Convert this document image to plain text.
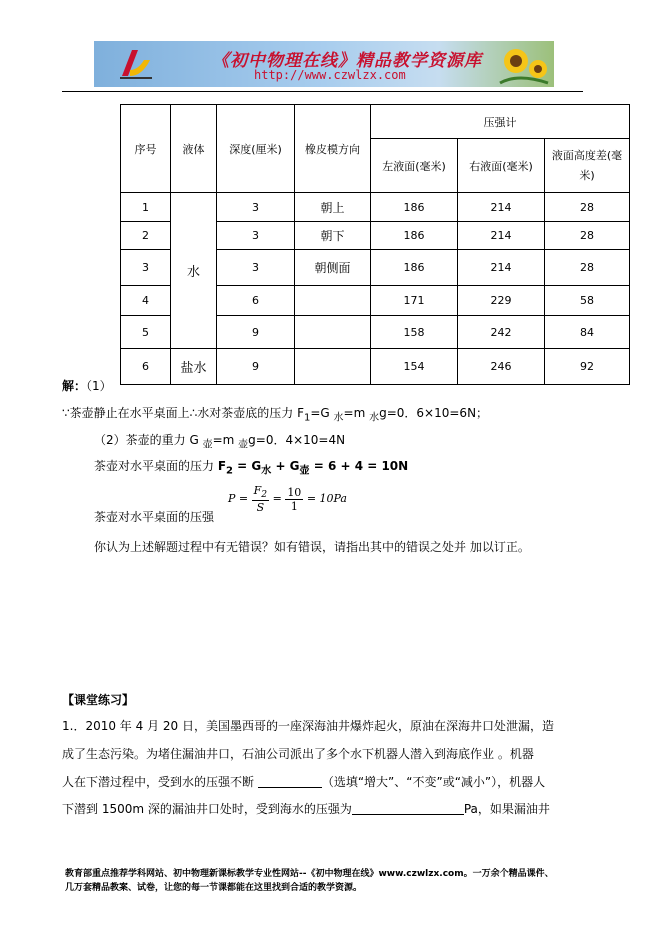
《初中物理在线》精品教学资源库
http://www.czwlzx.com
序号	液体	深度(厘米)	橡皮模方向	压强计		
				左液面(毫米)	右液面(毫米)	液面高度差(毫米)
1	水	3	朝上	186	214	28
2		3	朝下	186	214	28
3		3	朝侧面	186	214	28
4		6		171	229	58
5		9		158	242	84
6	盐水	9		154	246	92
解：（1）
∵茶壶静止在水平桌面上∴水对茶壶底的压力 $F_1=G$ $_水$=m $_水$g=0．6×10=6N；
（2）茶壶的重力 G $_壶$=m $_壶$g=0．4×10=4N
茶壶对水平桌面的压力 $F_2 = G_水 + G_壶 = 6 + 4 = 10N$
茶壶对水平桌面的压强
$P = \frac{F_2}{S} = \frac{10}{1} = 10Pa$
你认为上述解题过程中有无错误？如有错误，请指出其中的错误之处并 加以订正。
【课堂练习】
1.．2010 年 4 月 20 日，美国墨西哥的一座深海油井爆炸起火，原油在深海井口处泄漏，造
成了生态污染。为堵住漏油井口，石油公司派出了多个水下机器人潜入到海底作业 。机器
人在下潜过程中，受到水的压强不断	（选填“增大”、“不变”或“减小”），机器人
下潜到 1500m 深的漏油井口处时，受到海水的压强为	Pa，如果漏油井
教育部重点推荐学科网站、初中物理新课标教学专业性网站--《初中物理在线》www.czwlzx.com。一万余个精品课件、
几万套精品教案、试卷，让您的每一节课都能在这里找到合适的教学资源。
